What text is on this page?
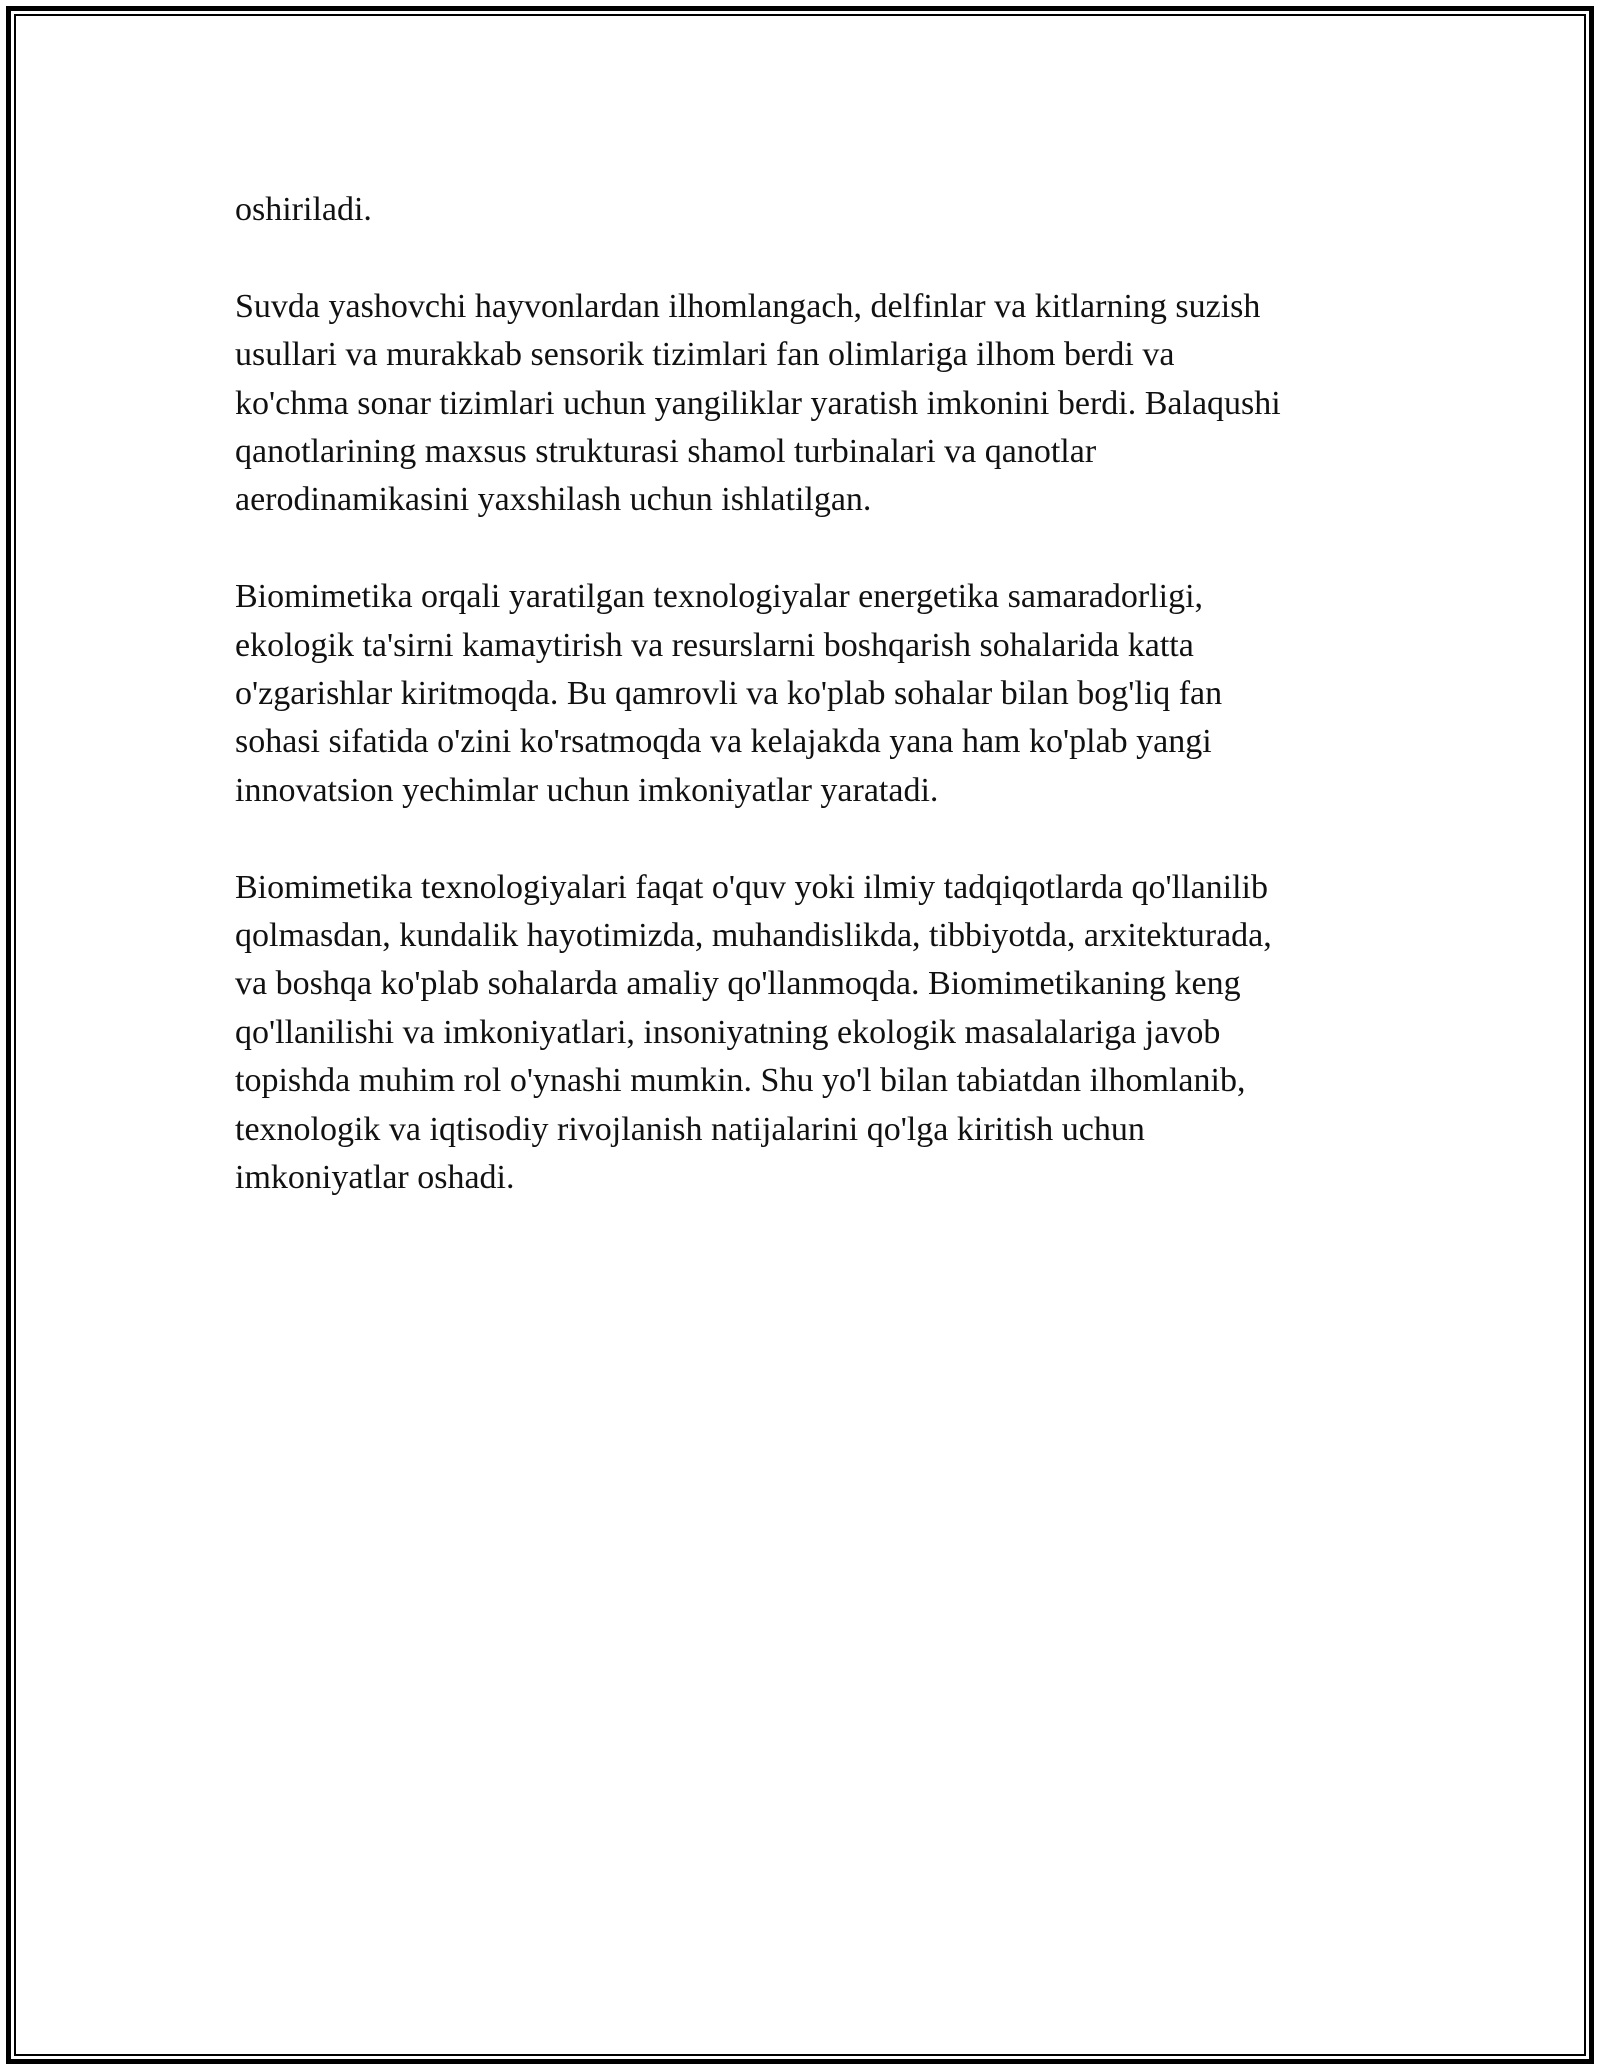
oshiriladi.

Suvda yashovchi hayvonlardan ilhomlangach, delfinlar va kitlarning suzish
usullari va murakkab sensorik tizimlari fan olimlariga ilhom berdi va
ko'chma sonar tizimlari uchun yangiliklar yaratish imkonini berdi. Balaqushi
qanotlarining maxsus strukturasi shamol turbinalari va qanotlar
aerodinamikasini yaxshilash uchun ishlatilgan.

Biomimetika orqali yaratilgan texnologiyalar energetika samaradorligi,
ekologik ta'sirni kamaytirish va resurslarni boshqarish sohalarida katta
o'zgarishlar kiritmoqda. Bu qamrovli va ko'plab sohalar bilan bog'liq fan
sohasi sifatida o'zini ko'rsatmoqda va kelajakda yana ham ko'plab yangi
innovatsion yechimlar uchun imkoniyatlar yaratadi.

Biomimetika texnologiyalari faqat o'quv yoki ilmiy tadqiqotlarda qo'llanilib
qolmasdan, kundalik hayotimizda, muhandislikda, tibbiyotda, arxitekturada,
va boshqa ko'plab sohalarda amaliy qo'llanmoqda. Biomimetikaning keng
qo'llanilishi va imkoniyatlari, insoniyatning ekologik masalalariga javob
topishda muhim rol o'ynashi mumkin. Shu yo'l bilan tabiatdan ilhomlanib,
texnologik va iqtisodiy rivojlanish natijalarini qo'lga kiritish uchun
imkoniyatlar oshadi.
